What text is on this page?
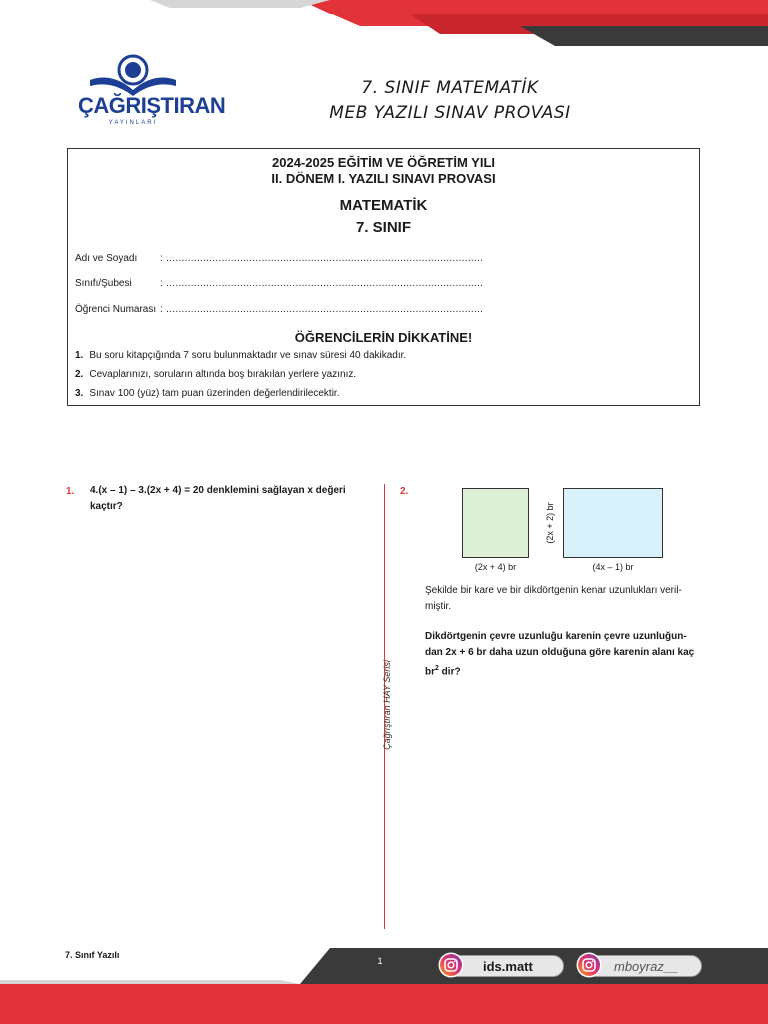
ÇAĞRIŞTIRAN
YAYINLARI
7. SINIF MATEMATİK
MEB YAZILI SINAV PROVASI
2024-2025 EĞİTİM VE ÖĞRETİM YILI
II. DÖNEM I. YAZILI SINAVI PROVASI
MATEMATİK
7. SINIF
Adı ve Soyadı : .......................................................................................................
Sınıfı/Şubesi	: .......................................................................................................
Öğrenci Numarası : .......................................................................................................
ÖĞRENCİLERİN DİKKATİNE!
1. Bu soru kitapçığında 7 soru bulunmaktadır ve sınav süresi 40 dakikadır.
2. Cevaplarınızı, soruların altında boş bırakılan yerlere yazınız.
3. Sınav 100 (yüz) tam puan üzerinden değerlendirilecektir.
1. 4.(x – 1) – 3.(2x + 4) = 20 denklemini sağlayan x değeri
kaçtır?
Çağrıştıran HAY Serisi
2.
(2x + 4) br	(4x – 1) br
(2x + 2) br
Şekilde bir kare ve bir dikdörtgenin kenar uzunlukları veril-
miştir.
Dikdörtgenin çevre uzunluğu karenin çevre uzunluğun-
dan 2x + 6 br daha uzun olduğuna göre karenin alanı kaç
$br^2$ dir?
7. Sınıf Yazılı
1	ids.matt	mboyraz__
